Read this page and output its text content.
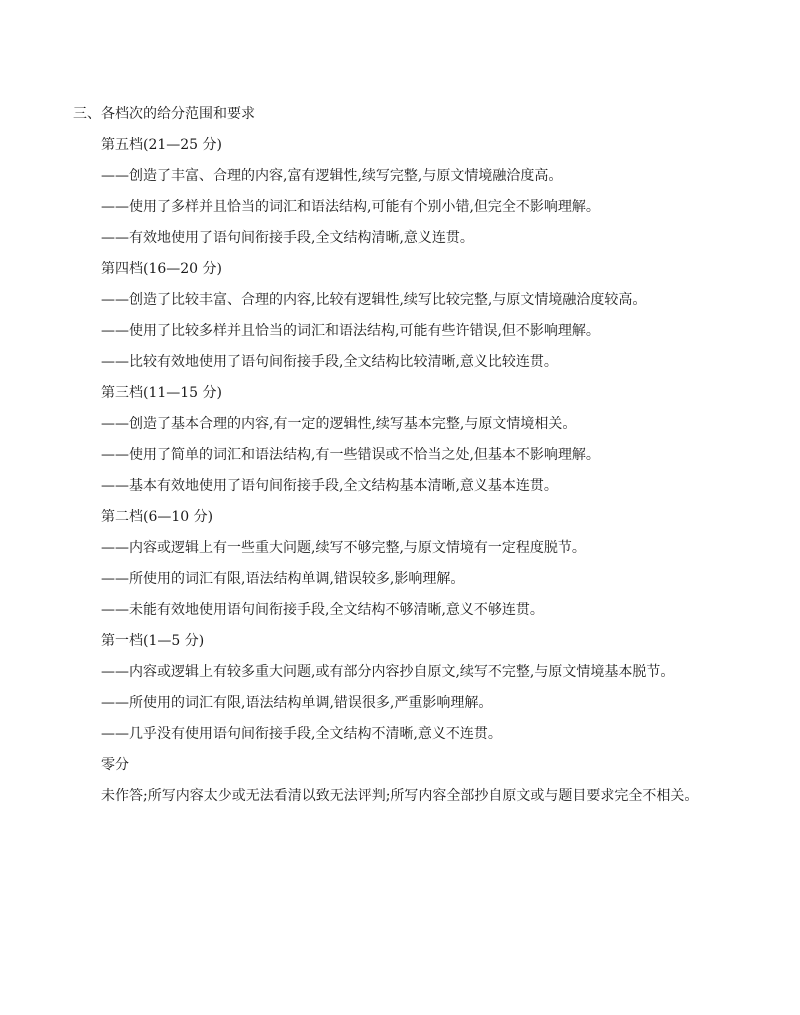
三、各档次的给分范围和要求
第五档(21—25 分)
——创造了丰富、合理的内容,富有逻辑性,续写完整,与原文情境融洽度高。
——使用了多样并且恰当的词汇和语法结构,可能有个别小错,但完全不影响理解。
——有效地使用了语句间衔接手段,全文结构清晰,意义连贯。
第四档(16—20 分)
——创造了比较丰富、合理的内容,比较有逻辑性,续写比较完整,与原文情境融洽度较高。
——使用了比较多样并且恰当的词汇和语法结构,可能有些许错误,但不影响理解。
——比较有效地使用了语句间衔接手段,全文结构比较清晰,意义比较连贯。
第三档(11—15 分)
——创造了基本合理的内容,有一定的逻辑性,续写基本完整,与原文情境相关。
——使用了简单的词汇和语法结构,有一些错误或不恰当之处,但基本不影响理解。
——基本有效地使用了语句间衔接手段,全文结构基本清晰,意义基本连贯。
第二档(6—10 分)
——内容或逻辑上有一些重大问题,续写不够完整,与原文情境有一定程度脱节。
——所使用的词汇有限,语法结构单调,错误较多,影响理解。
——未能有效地使用语句间衔接手段,全文结构不够清晰,意义不够连贯。
第一档(1—5 分)
——内容或逻辑上有较多重大问题,或有部分内容抄自原文,续写不完整,与原文情境基本脱节。
——所使用的词汇有限,语法结构单调,错误很多,严重影响理解。
——几乎没有使用语句间衔接手段,全文结构不清晰,意义不连贯。
零分
未作答;所写内容太少或无法看清以致无法评判;所写内容全部抄自原文或与题目要求完全不相关。
